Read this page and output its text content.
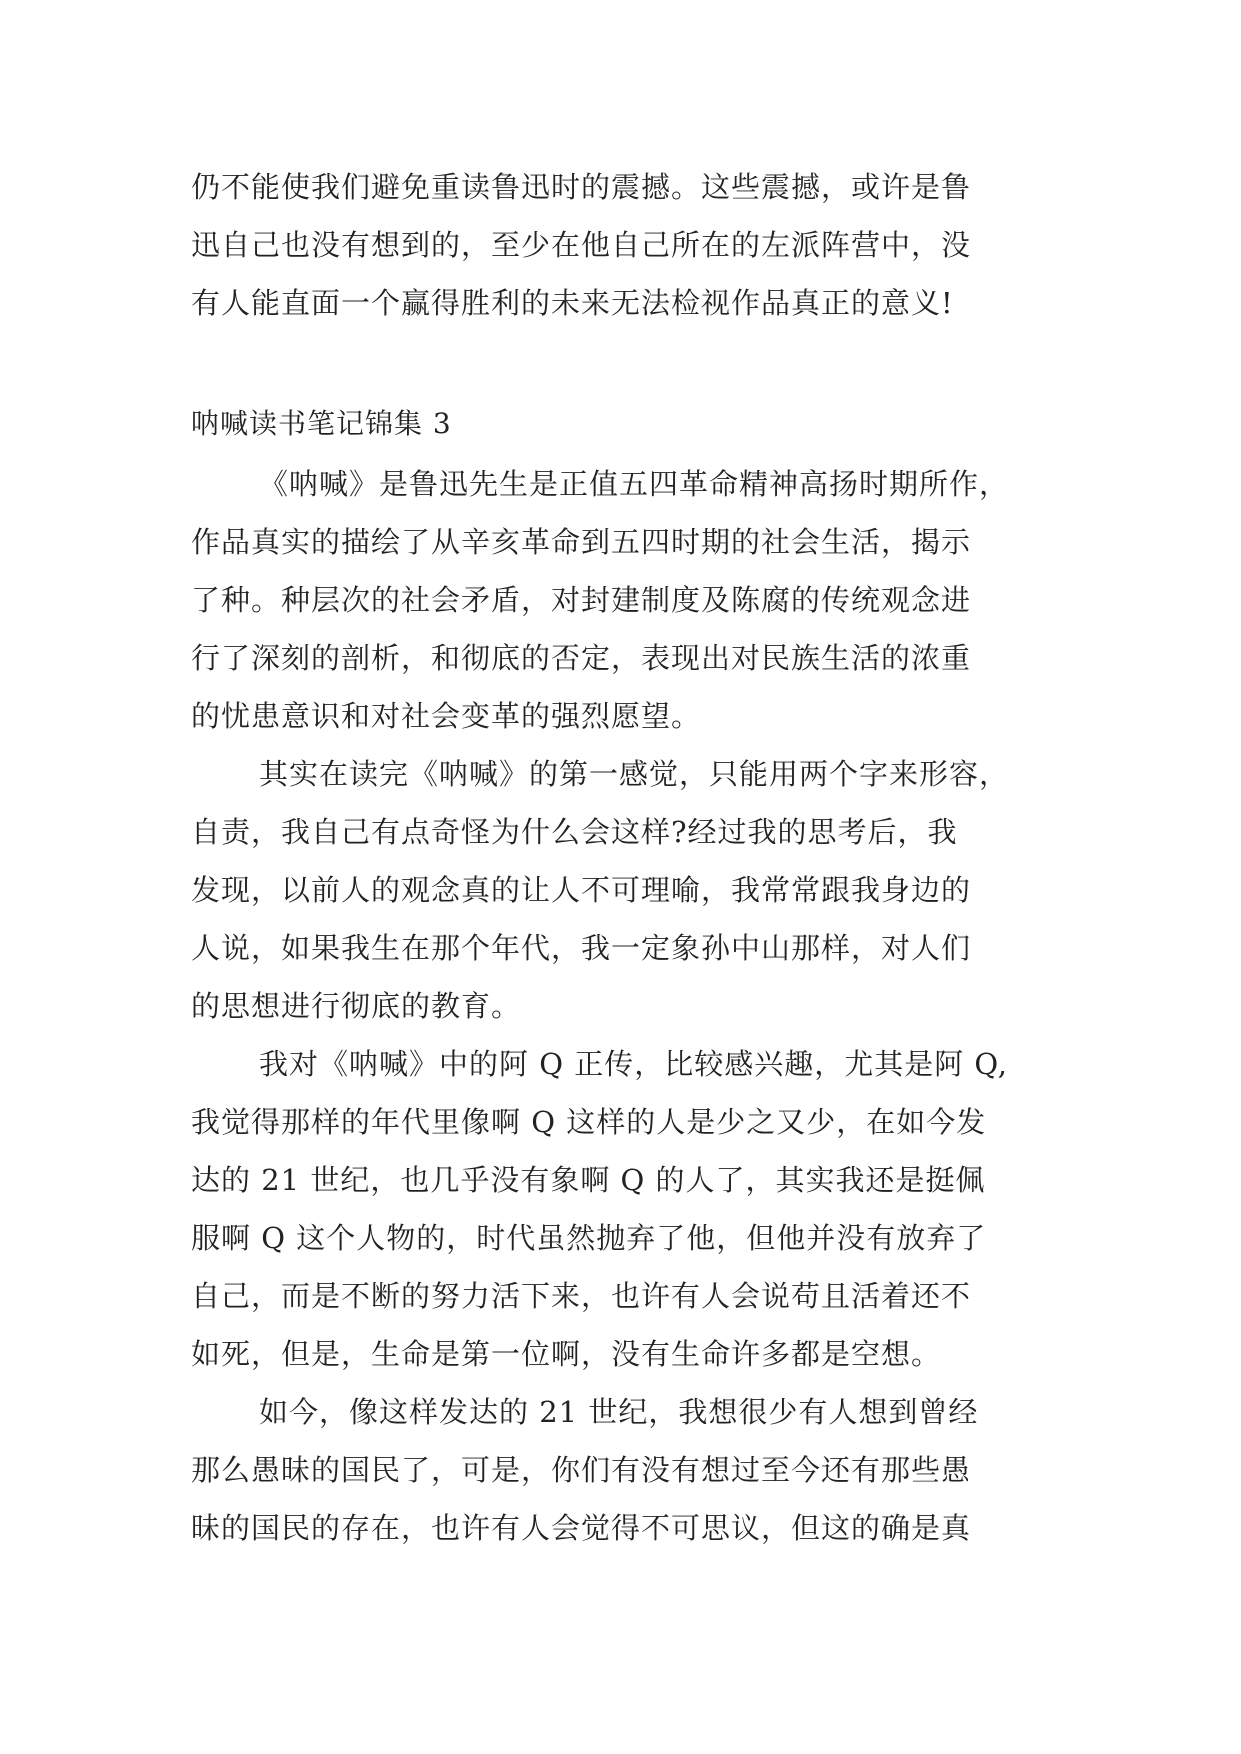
仍不能使我们避免重读鲁迅时的震撼。这些震撼，或许是鲁
迅自己也没有想到的，至少在他自己所在的左派阵营中，没
有人能直面一个赢得胜利的未来无法检视作品真正的意义!
呐喊读书笔记锦集 3
《呐喊》是鲁迅先生是正值五四革命精神高扬时期所作，
作品真实的描绘了从辛亥革命到五四时期的社会生活，揭示
了种。种层次的社会矛盾，对封建制度及陈腐的传统观念进
行了深刻的剖析，和彻底的否定，表现出对民族生活的浓重
的忧患意识和对社会变革的强烈愿望。
其实在读完《呐喊》的第一感觉，只能用两个字来形容，
自责，我自己有点奇怪为什么会这样?经过我的思考后，我
发现，以前人的观念真的让人不可理喻，我常常跟我身边的
人说，如果我生在那个年代，我一定象孙中山那样，对人们
的思想进行彻底的教育。
我对《呐喊》中的阿 Q 正传，比较感兴趣，尤其是阿 Q,
我觉得那样的年代里像啊 Q 这样的人是少之又少，在如今发
达的 21 世纪，也几乎没有象啊 Q 的人了，其实我还是挺佩
服啊 Q 这个人物的，时代虽然抛弃了他，但他并没有放弃了
自己，而是不断的努力活下来，也许有人会说苟且活着还不
如死，但是，生命是第一位啊，没有生命许多都是空想。
如今，像这样发达的 21 世纪，我想很少有人想到曾经
那么愚昧的国民了，可是，你们有没有想过至今还有那些愚
昧的国民的存在，也许有人会觉得不可思议，但这的确是真
